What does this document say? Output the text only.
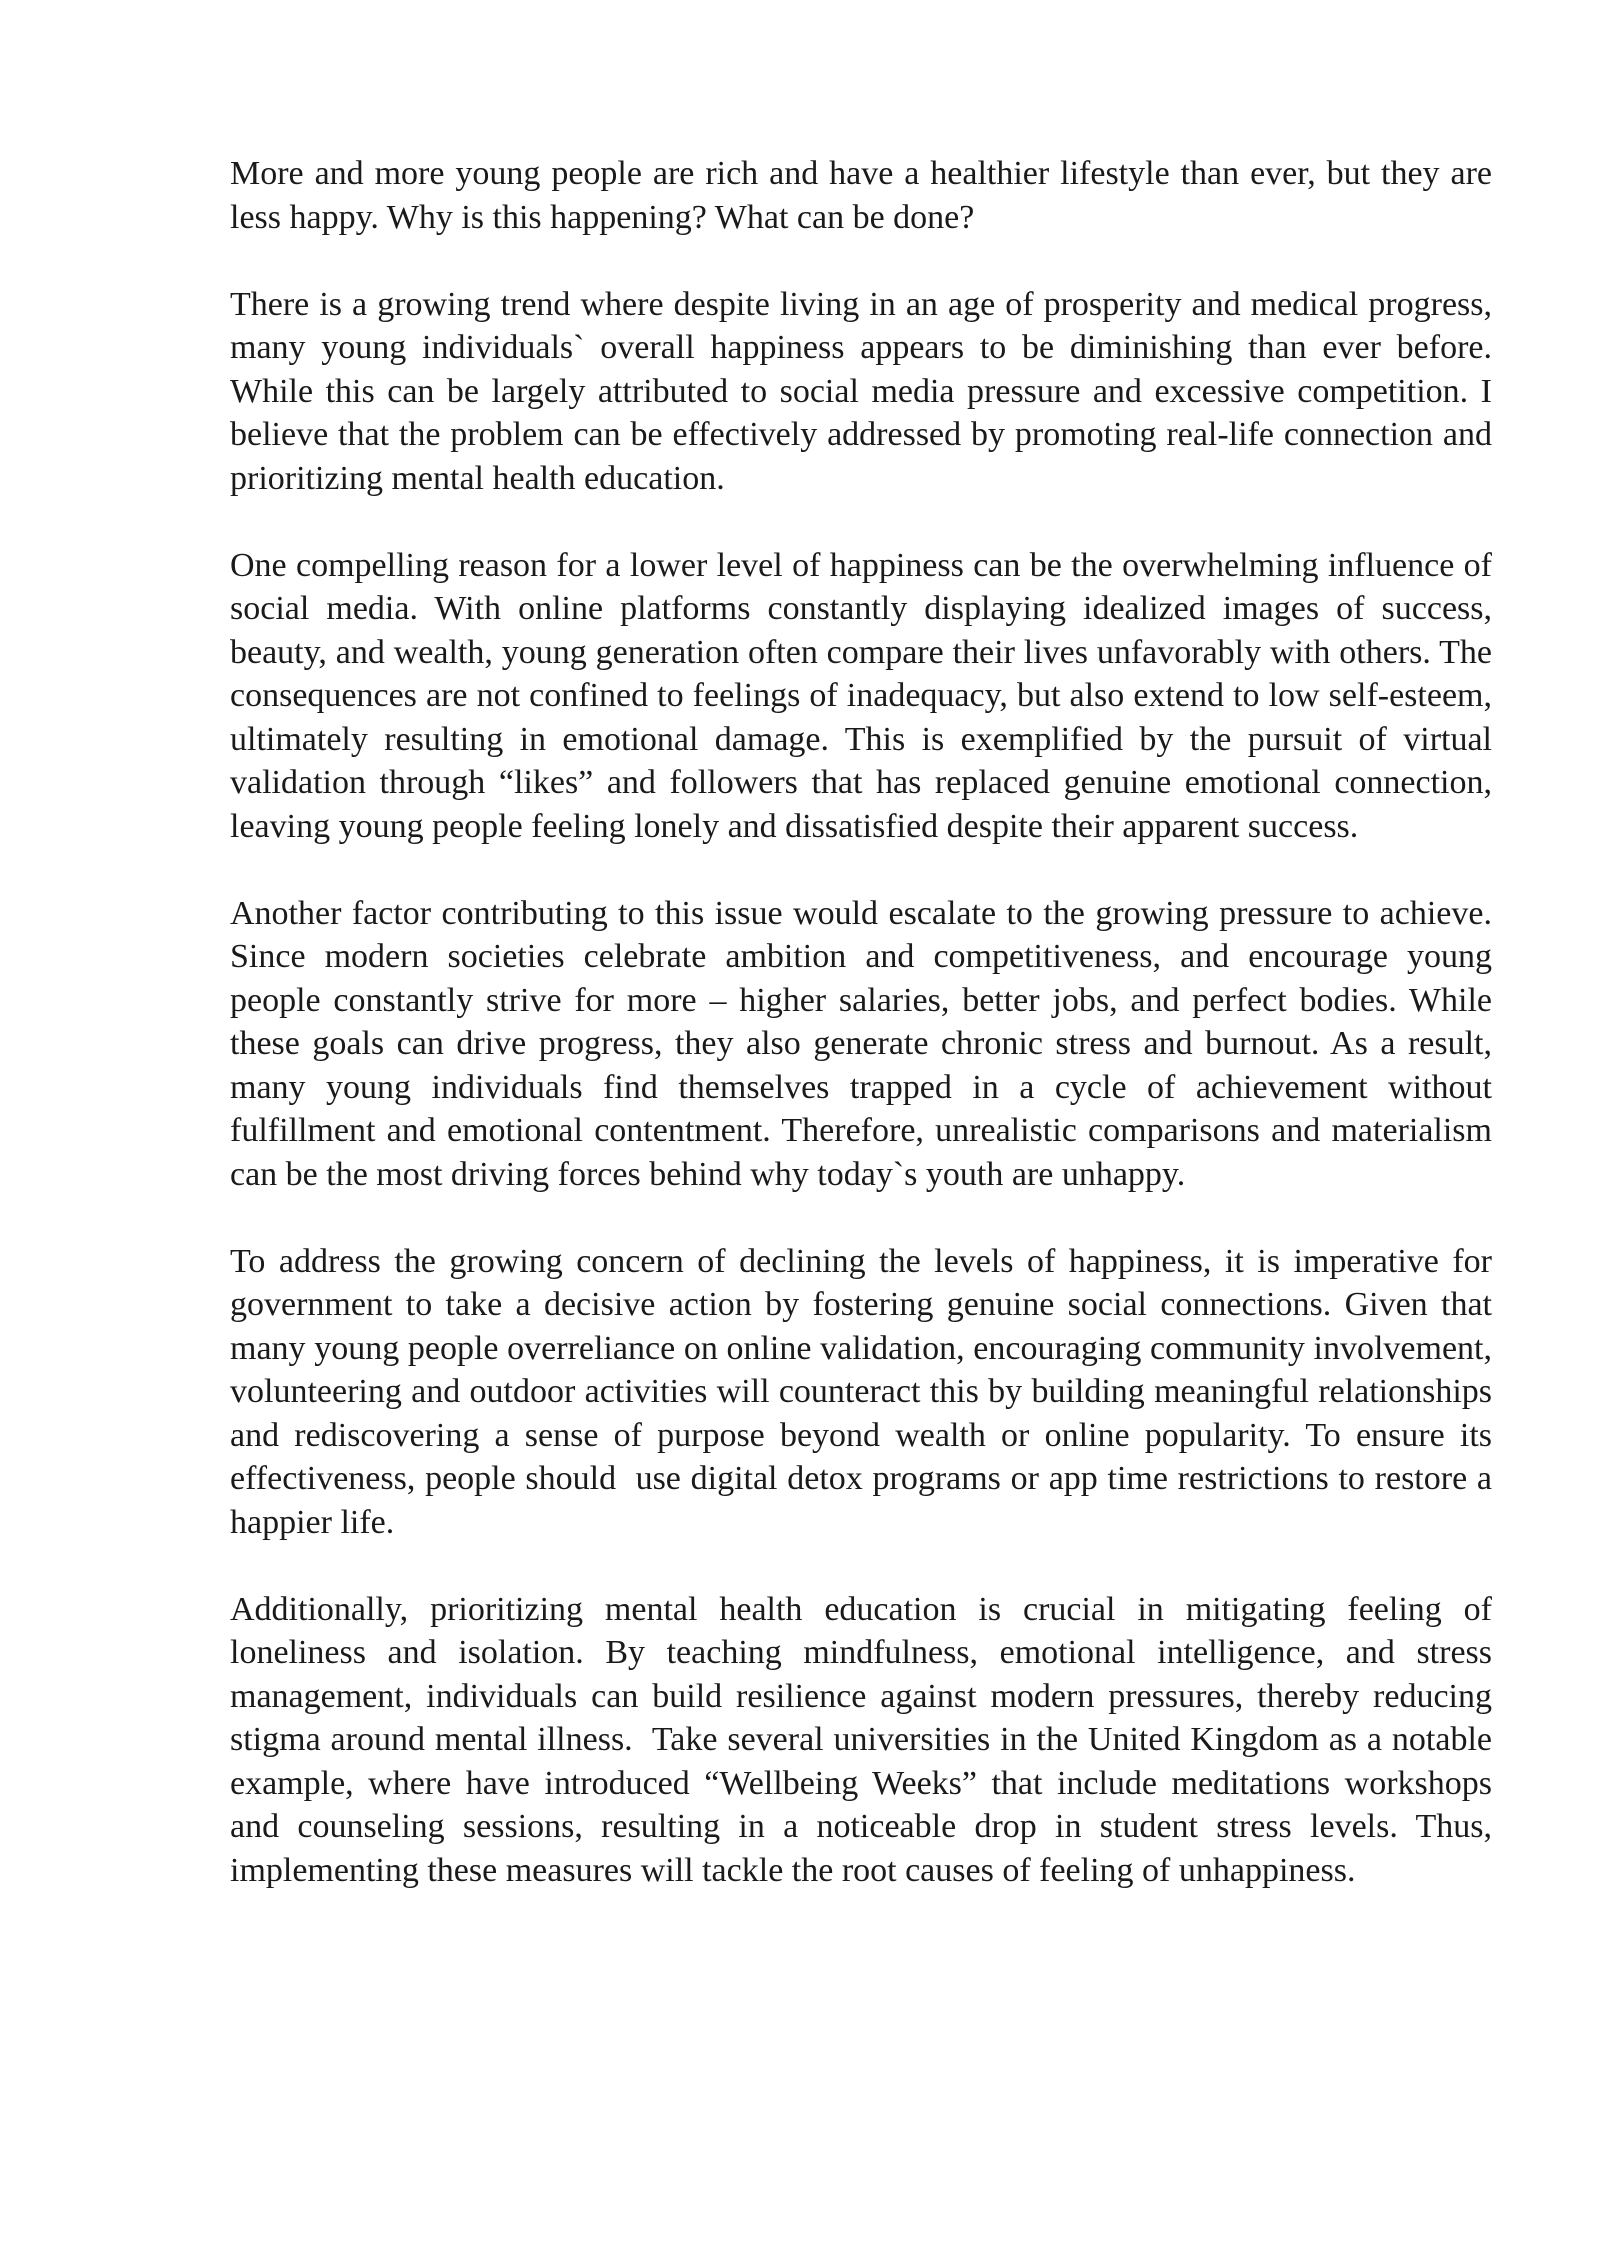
More and more young people are rich and have a healthier lifestyle than ever, but they are less happy. Why is this happening? What can be done?

There is a growing trend where despite living in an age of prosperity and medical progress, many young individuals` overall happiness appears to be diminishing than ever before. While this can be largely attributed to social media pressure and excessive competition. I believe that the problem can be effectively addressed by promoting real-life connection and prioritizing mental health education.

One compelling reason for a lower level of happiness can be the overwhelming influence of social media. With online platforms constantly displaying idealized images of success, beauty, and wealth, young generation often compare their lives unfavorably with others. The consequences are not confined to feelings of inadequacy, but also extend to low self-esteem, ultimately resulting in emotional damage. This is exemplified by the pursuit of virtual validation through “likes” and followers that has replaced genuine emotional connection, leaving young people feeling lonely and dissatisfied despite their apparent success.

Another factor contributing to this issue would escalate to the growing pressure to achieve. Since modern societies celebrate ambition and competitiveness, and encourage young people constantly strive for more – higher salaries, better jobs, and perfect bodies. While these goals can drive progress, they also generate chronic stress and burnout. As a result, many young individuals find themselves trapped in a cycle of achievement without fulfillment and emotional contentment. Therefore, unrealistic comparisons and materialism can be the most driving forces behind why today`s youth are unhappy.

To address the growing concern of declining the levels of happiness, it is imperative for government to take a decisive action by fostering genuine social connections. Given that many young people overreliance on online validation, encouraging community involvement, volunteering and outdoor activities will counteract this by building meaningful relationships and rediscovering a sense of purpose beyond wealth or online popularity. To ensure its effectiveness, people should  use digital detox programs or app time restrictions to restore a happier life.

Additionally, prioritizing mental health education is crucial in mitigating feeling of loneliness and isolation. By teaching mindfulness, emotional intelligence, and stress management, individuals can build resilience against modern pressures, thereby reducing stigma around mental illness.  Take several universities in the United Kingdom as a notable example, where have introduced “Wellbeing Weeks” that include meditations workshops and counseling sessions, resulting in a noticeable drop in student stress levels. Thus, implementing these measures will tackle the root causes of feeling of unhappiness.
